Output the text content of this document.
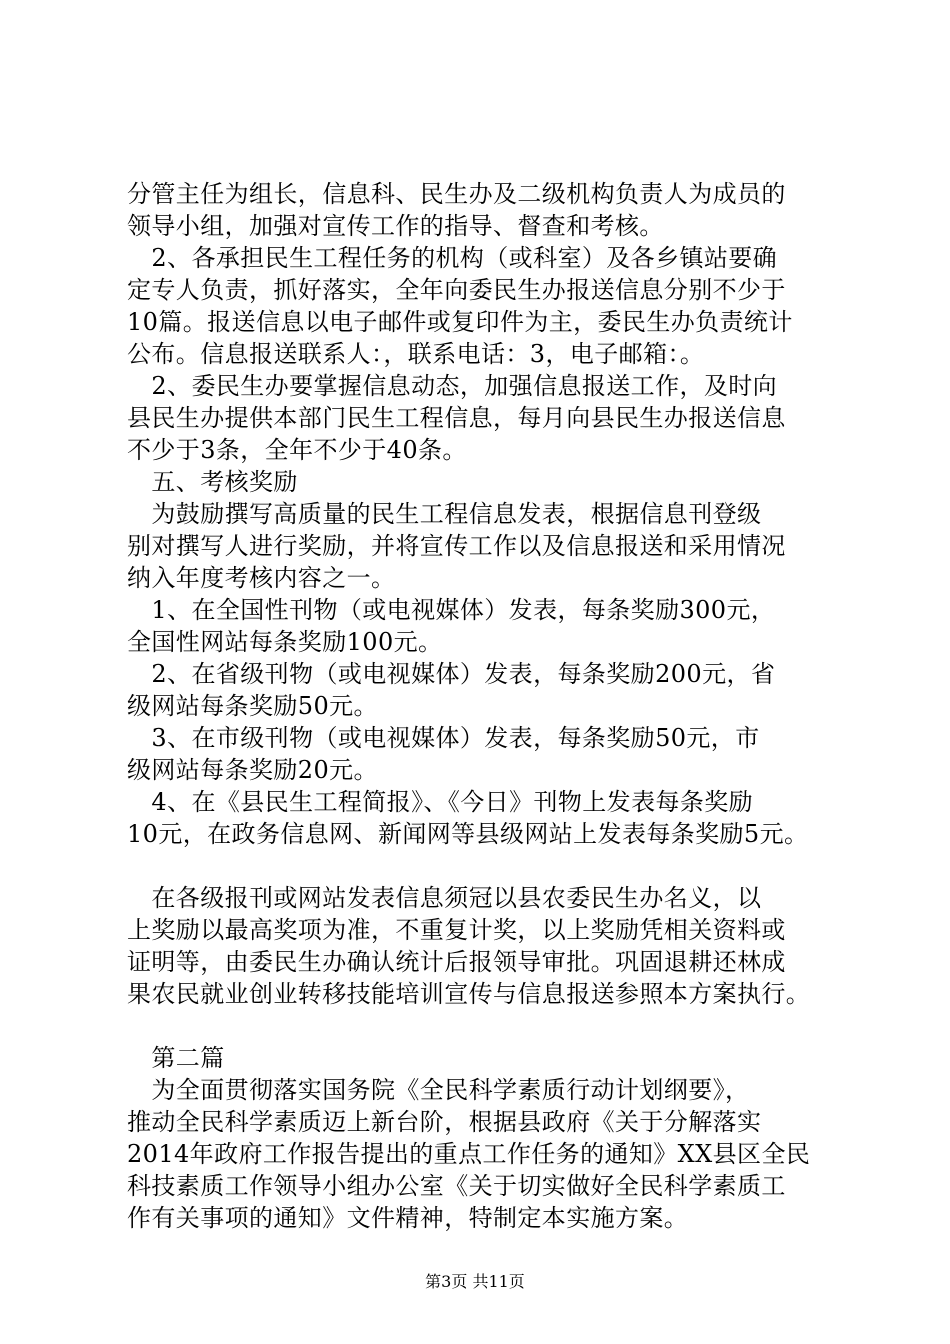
分管主任为组长，信息科、民生办及二级机构负责人为成员的
领导小组，加强对宣传工作的指导、督查和考核。
　2、各承担民生工程任务的机构（或科室）及各乡镇站要确
定专人负责，抓好落实，全年向委民生办报送信息分别不少于
10篇。报送信息以电子邮件或复印件为主，委民生办负责统计
公布。信息报送联系人：，联系电话：3，电子邮箱：。
　2、委民生办要掌握信息动态，加强信息报送工作，及时向
县民生办提供本部门民生工程信息，每月向县民生办报送信息
不少于3条，全年不少于40条。
　五、考核奖励
　为鼓励撰写高质量的民生工程信息发表，根据信息刊登级
别对撰写人进行奖励，并将宣传工作以及信息报送和采用情况
纳入年度考核内容之一。
　1、在全国性刊物（或电视媒体）发表，每条奖励300元，
全国性网站每条奖励100元。
　2、在省级刊物（或电视媒体）发表，每条奖励200元，省
级网站每条奖励50元。
　3、在市级刊物（或电视媒体）发表，每条奖励50元，市
级网站每条奖励20元。
　4、在《县民生工程简报》、《今日》刊物上发表每条奖励
10元，在政务信息网、新闻网等县级网站上发表每条奖励5元。
　在各级报刊或网站发表信息须冠以县农委民生办名义，以
上奖励以最高奖项为准，不重复计奖，以上奖励凭相关资料或
证明等，由委民生办确认统计后报领导审批。巩固退耕还林成
果农民就业创业转移技能培训宣传与信息报送参照本方案执行。
　第二篇
　为全面贯彻落实国务院《全民科学素质行动计划纲要》，
推动全民科学素质迈上新台阶，根据县政府《关于分解落实
2014年政府工作报告提出的重点工作任务的通知》XX县区全民
科技素质工作领导小组办公室《关于切实做好全民科学素质工
作有关事项的通知》文件精神，特制定本实施方案。
第3页 共11页
